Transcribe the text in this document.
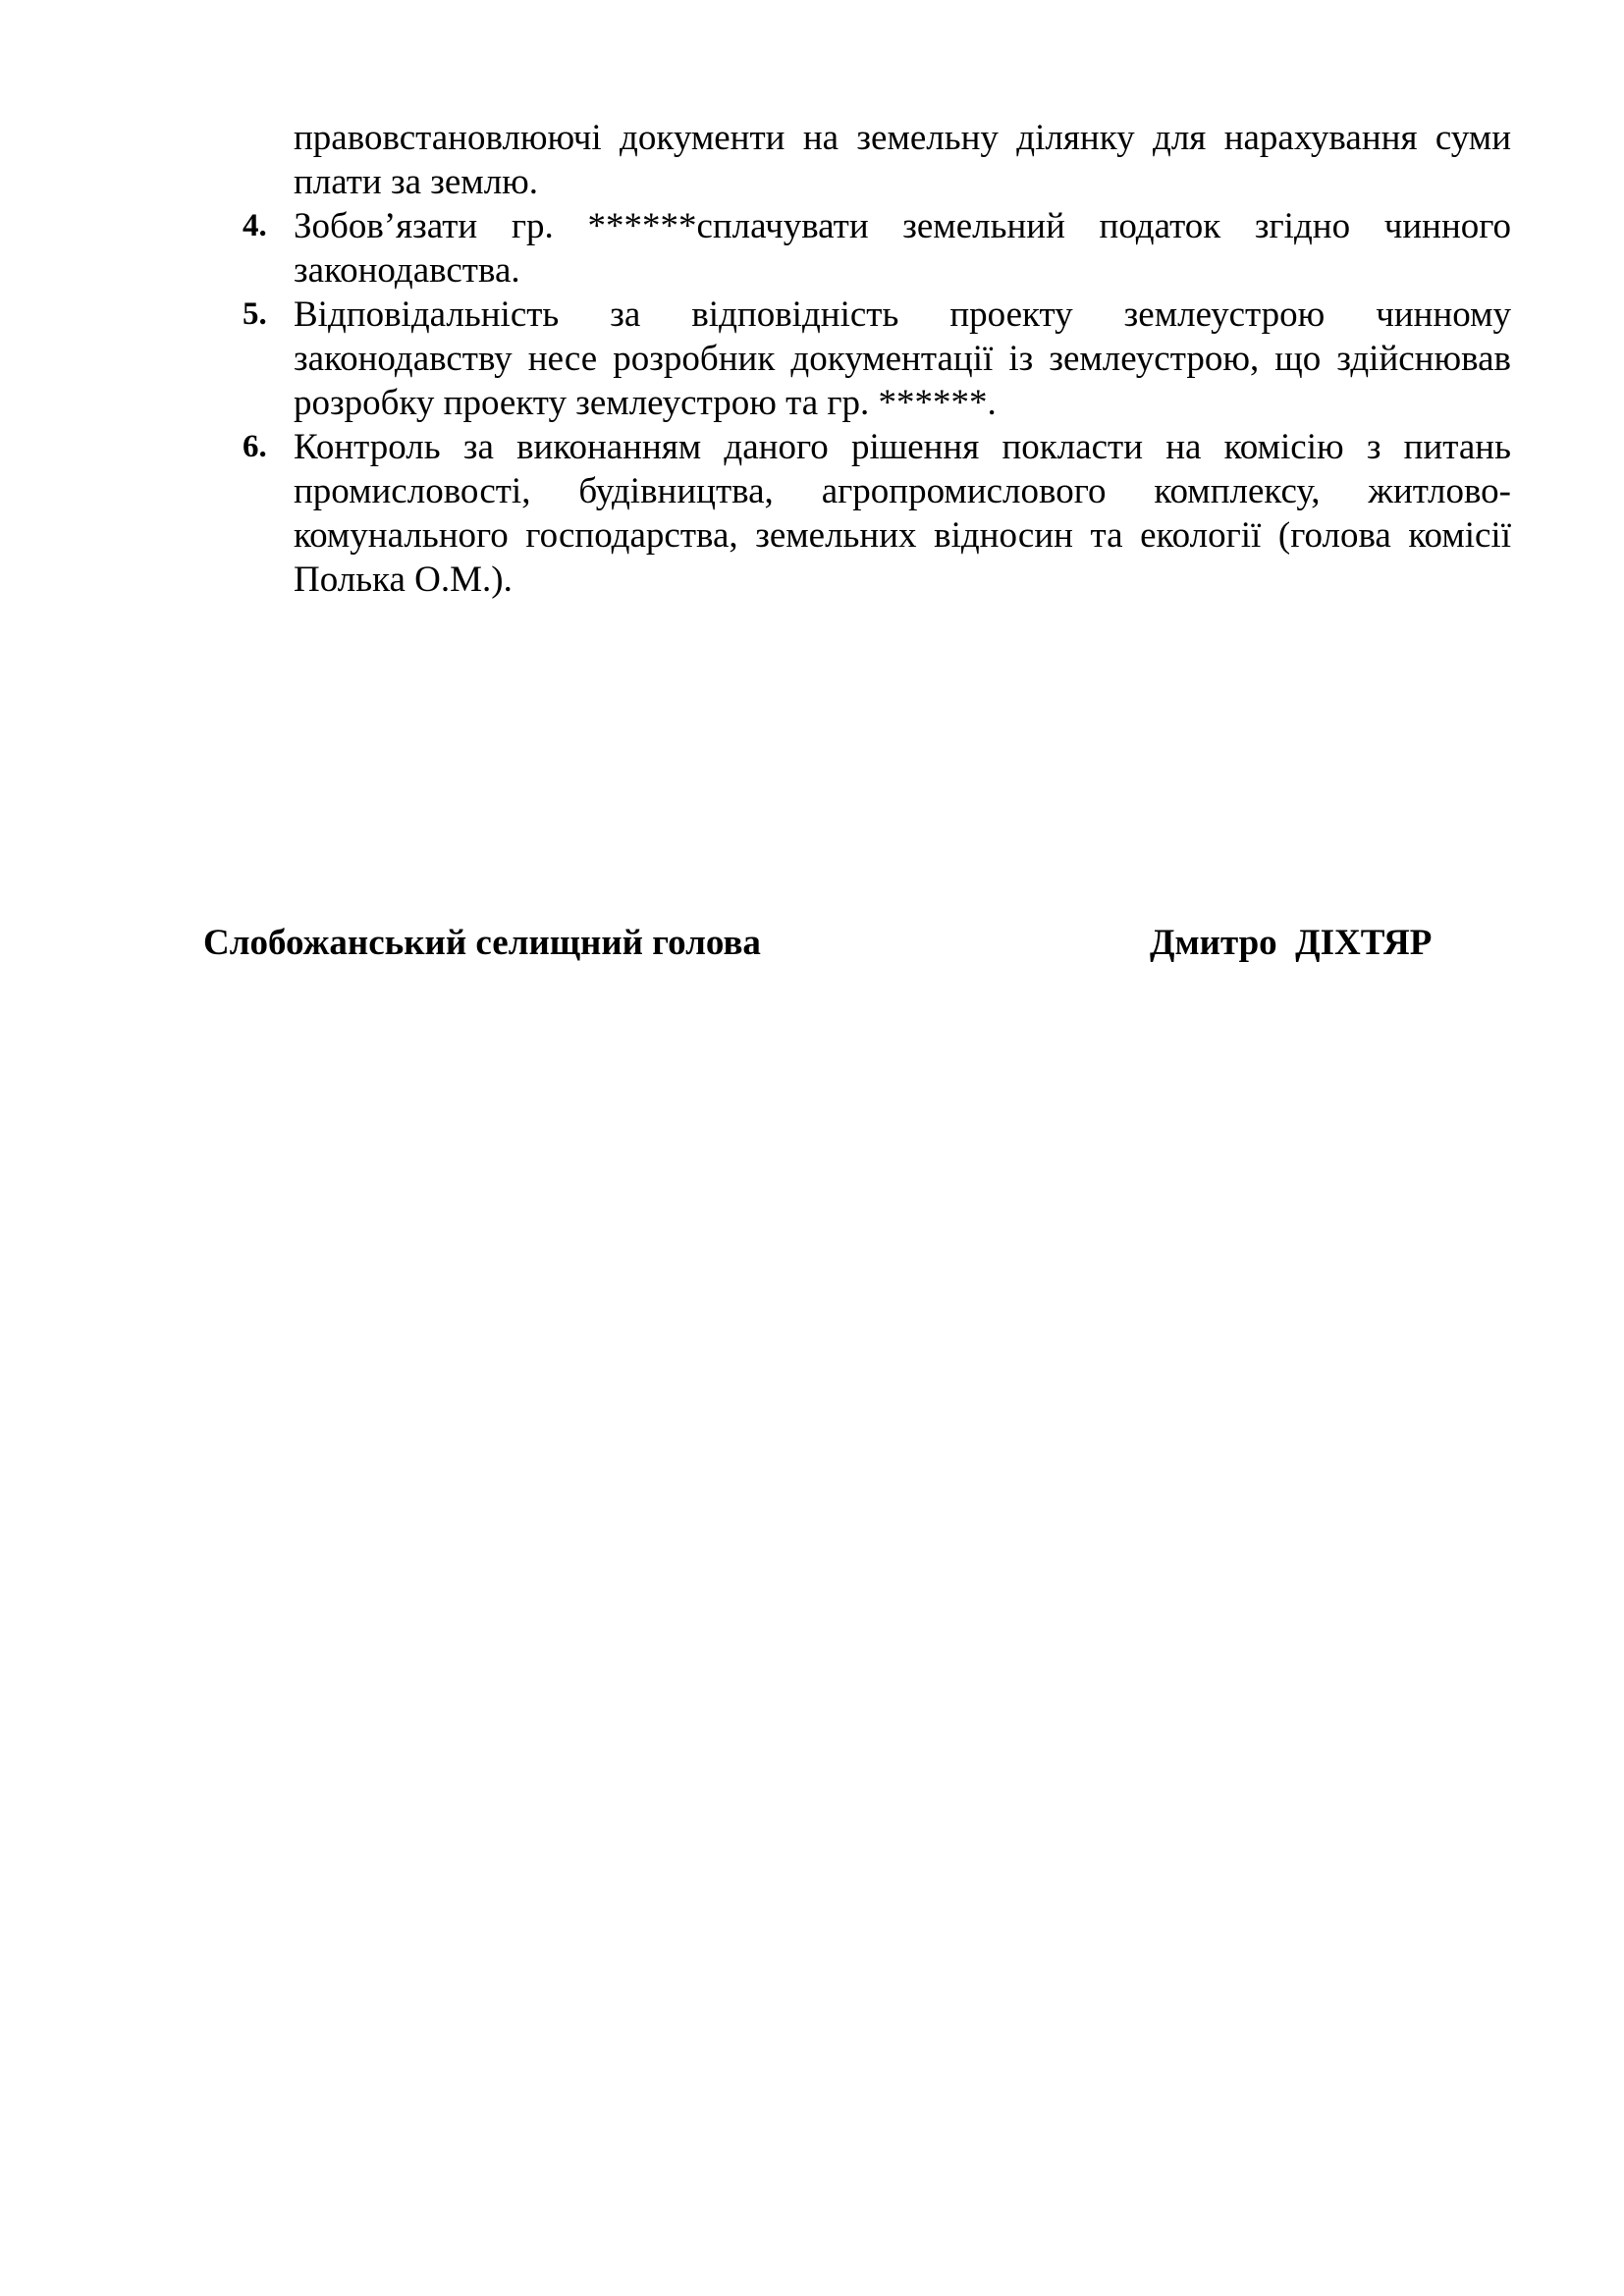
правовстановлюючі документи на земельну ділянку для нарахування суми плати за землю.
4. Зобов’язати гр. ******сплачувати земельний податок згідно чинного законодавства.
5. Відповідальність за відповідність проекту землеустрою чинному законодавству несе розробник документації із землеустрою, що здійснював розробку проекту землеустрою та гр. ******.
6. Контроль за виконанням даного рішення покласти на комісію з питань промисловості, будівництва, агропромислового комплексу, житлово-комунального господарства, земельних відносин та екології (голова комісії Полька О.М.).
Слобожанський селищний голова	Дмитро  ДІХТЯР
